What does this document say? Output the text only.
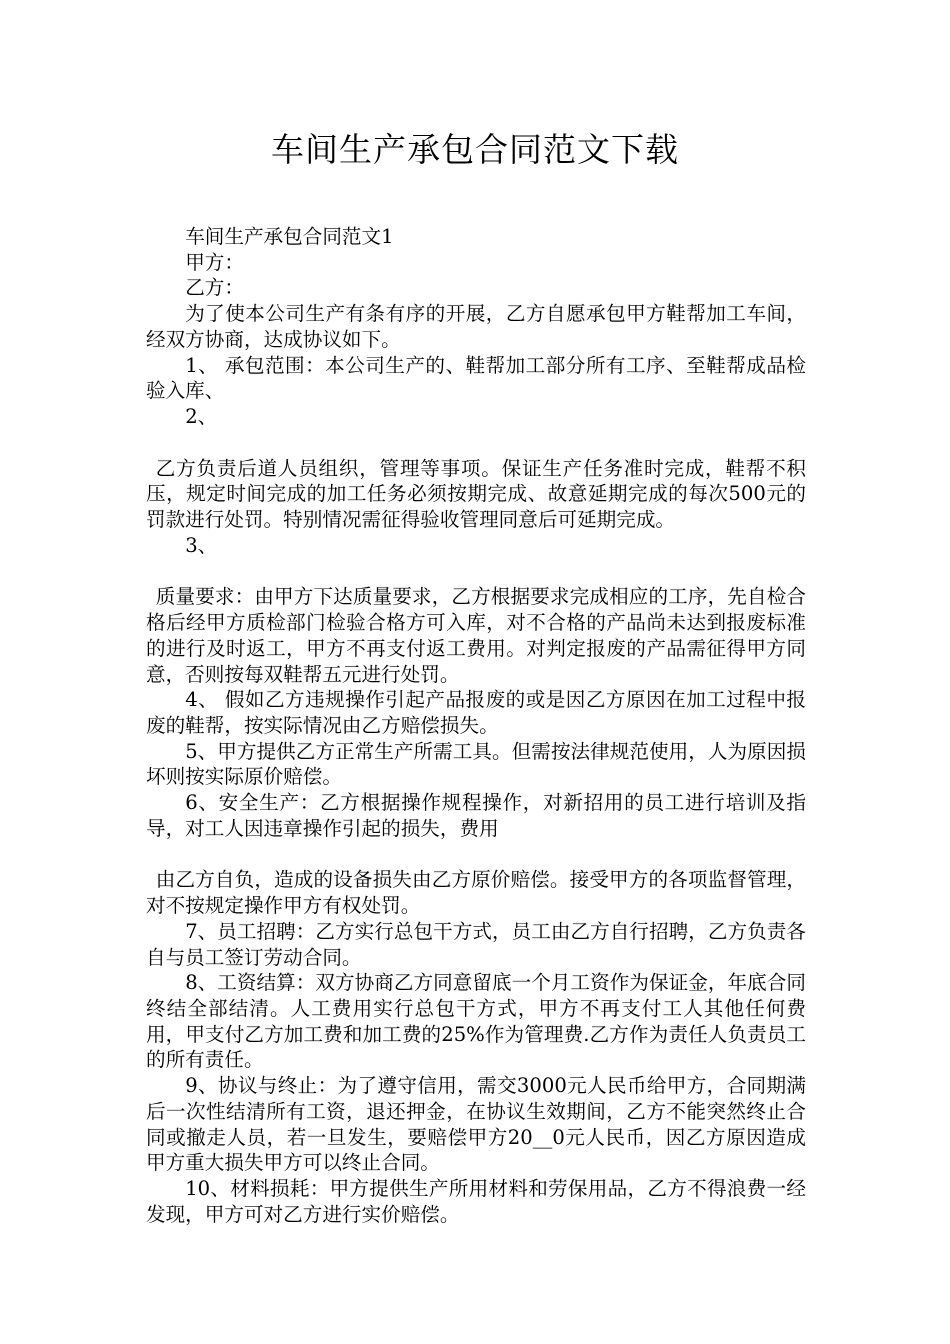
车间生产承包合同范文下载

车间生产承包合同范文1

甲方：

乙方：

为了使本公司生产有条有序的开展，乙方自愿承包甲方鞋帮加工车间，经双方协商，达成协议如下。

1、 承包范围：本公司生产的、鞋帮加工部分所有工序、至鞋帮成品检验入库、

2、

乙方负责后道人员组织，管理等事项。保证生产任务准时完成，鞋帮不积压，规定时间完成的加工任务必须按期完成、故意延期完成的每次500元的罚款进行处罚。特别情况需征得验收管理同意后可延期完成。

3、

质量要求：由甲方下达质量要求，乙方根据要求完成相应的工序，先自检合格后经甲方质检部门检验合格方可入库，对不合格的产品尚未达到报废标准的进行及时返工，甲方不再支付返工费用。对判定报废的产品需征得甲方同意，否则按每双鞋帮五元进行处罚。

4、 假如乙方违规操作引起产品报废的或是因乙方原因在加工过程中报废的鞋帮，按实际情况由乙方赔偿损失。

5、甲方提供乙方正常生产所需工具。但需按法律规范使用，人为原因损坏则按实际原价赔偿。

6、安全生产：乙方根据操作规程操作，对新招用的员工进行培训及指导，对工人因违章操作引起的损失，费用

由乙方自负，造成的设备损失由乙方原价赔偿。接受甲方的各项监督管理，对不按规定操作甲方有权处罚。

7、员工招聘：乙方实行总包干方式，员工由乙方自行招聘，乙方负责各自与员工签订劳动合同。

8、工资结算：双方协商乙方同意留底一个月工资作为保证金，年底合同终结全部结清。人工费用实行总包干方式，甲方不再支付工人其他任何费用，甲支付乙方加工费和加工费的25%作为管理费.乙方作为责任人负责员工的所有责任。

9、协议与终止：为了遵守信用，需交3000元人民币给甲方，合同期满后一次性结清所有工资，退还押金，在协议生效期间，乙方不能突然终止合同或撤走人员，若一旦发生，要赔偿甲方20__0元人民币，因乙方原因造成甲方重大损失甲方可以终止合同。

10、材料损耗：甲方提供生产所用材料和劳保用品，乙方不得浪费一经发现，甲方可对乙方进行实价赔偿。
